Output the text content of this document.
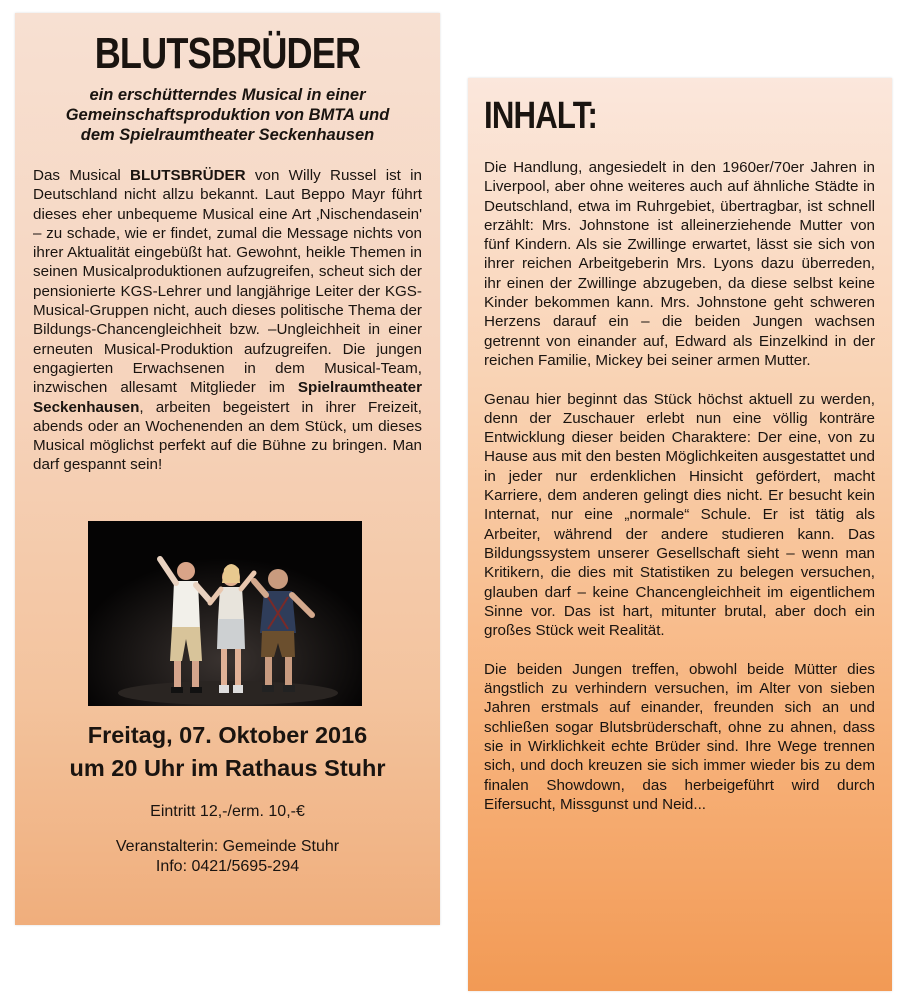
BLUTSBRÜDER
ein erschütterndes Musical in einer
Gemeinschaftsproduktion von BMTA und
dem Spielraumtheater Seckenhausen
Das Musical BLUTSBRÜDER von Willy Russel ist in Deutschland nicht allzu bekannt. Laut Beppo Mayr führt dieses eher unbequeme Musical eine Art ‚Nischendasein' – zu schade, wie er findet, zumal die Message nichts von ihrer Aktualität eingebüßt hat. Gewohnt, heikle Themen in seinen Musicalproduktionen aufzugreifen, scheut sich der pensionierte KGS-Lehrer und langjährige Leiter der KGS-Musical-Gruppen nicht, auch dieses politische Thema der Bildungs-Chancengleichheit bzw. –Ungleichheit in einer erneuten Musical-Produktion aufzugreifen. Die jungen engagierten Erwachsenen in dem Musical-Team, inzwischen allesamt Mitglieder im Spielraumtheater Seckenhausen, arbeiten begeistert in ihrer Freizeit, abends oder an Wochenenden an dem Stück, um dieses Musical möglichst perfekt auf die Bühne zu bringen. Man darf gespannt sein!
Freitag, 07. Oktober 2016
um 20 Uhr im Rathaus Stuhr
Eintritt 12,-/erm. 10,-€
Veranstalterin: Gemeinde Stuhr
Info: 0421/5695-294
INHALT:

Die Handlung, angesiedelt in den 1960er/70er Jahren in Liverpool, aber ohne weiteres auch auf ähnliche Städte in Deutschland, etwa im Ruhrgebiet, übertragbar, ist schnell erzählt: Mrs. Johnstone ist alleinerziehende Mutter von fünf Kindern. Als sie Zwillinge erwartet, lässt sie sich von ihrer reichen Arbeitgeberin Mrs. Lyons dazu überreden, ihr einen der Zwillinge abzugeben, da diese selbst keine Kinder bekommen kann. Mrs. Johnstone geht schweren Herzens darauf ein – die beiden Jungen wachsen getrennt von einander auf, Edward als Einzelkind in der reichen Familie, Mickey bei seiner armen Mutter.

Genau hier beginnt das Stück höchst aktuell zu werden, denn der Zuschauer erlebt nun eine völlig konträre Entwicklung dieser beiden Charaktere: Der eine, von zu Hause aus mit den besten Möglichkeiten ausgestattet und in jeder nur erdenklichen Hinsicht gefördert, macht Karriere, dem anderen gelingt dies nicht. Er besucht kein Internat, nur eine „normale“ Schule. Er ist tätig als Arbeiter, während der andere studieren kann. Das Bildungssystem unserer Gesellschaft sieht – wenn man Kritikern, die dies mit Statistiken zu belegen versuchen, glauben darf – keine Chancengleichheit im eigentlichem Sinne vor. Das ist hart, mitunter brutal, aber doch ein großes Stück weit Realität.

Die beiden Jungen treffen, obwohl beide Mütter dies ängstlich zu verhindern versuchen, im Alter von sieben Jahren erstmals auf einander, freunden sich an und schließen sogar Blutsbrüderschaft, ohne zu ahnen, dass sie in Wirklichkeit echte Brüder sind. Ihre Wege trennen sich, und doch kreuzen sie sich immer wieder bis zu dem finalen Showdown, das herbeigeführt wird durch Eifersucht, Missgunst und Neid...
